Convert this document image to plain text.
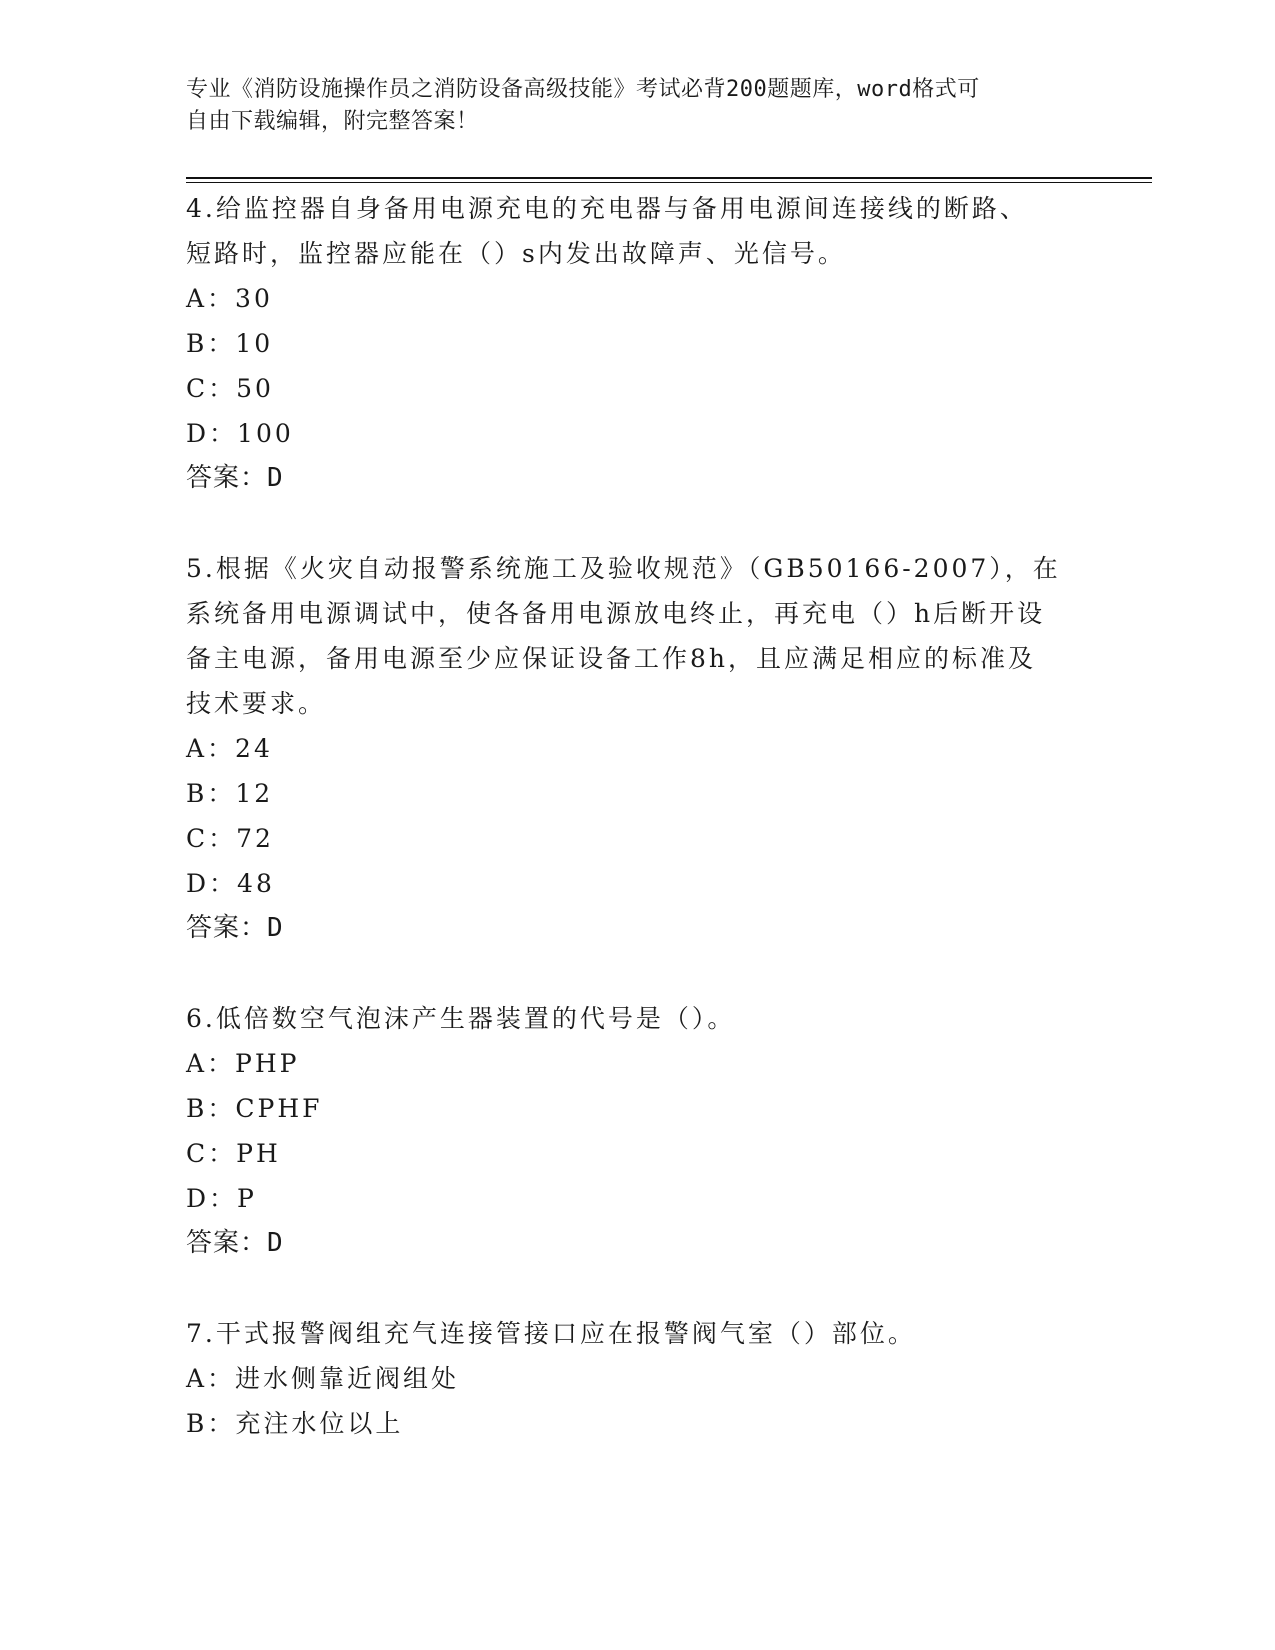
专业《消防设施操作员之消防设备高级技能》考试必背200题题库，word格式可

自由下载编辑，附完整答案！

4.给监控器自身备用电源充电的充电器与备用电源间连接线的断路、

短路时，监控器应能在（）s内发出故障声、光信号。

A：30

B：10

C：50

D：100

答案：D

5.根据《火灾自动报警系统施工及验收规范》（GB50166-2007），在

系统备用电源调试中，使各备用电源放电终止，再充电（）h后断开设

备主电源，备用电源至少应保证设备工作8h，且应满足相应的标准及

技术要求。

A：24

B：12

C：72

D：48

答案：D

6.低倍数空气泡沫产生器装置的代号是（）。

A：PHP

B：CPHF

C：PH

D：P

答案：D

7.干式报警阀组充气连接管接口应在报警阀气室（）部位。

A：进水侧靠近阀组处

B：充注水位以上
